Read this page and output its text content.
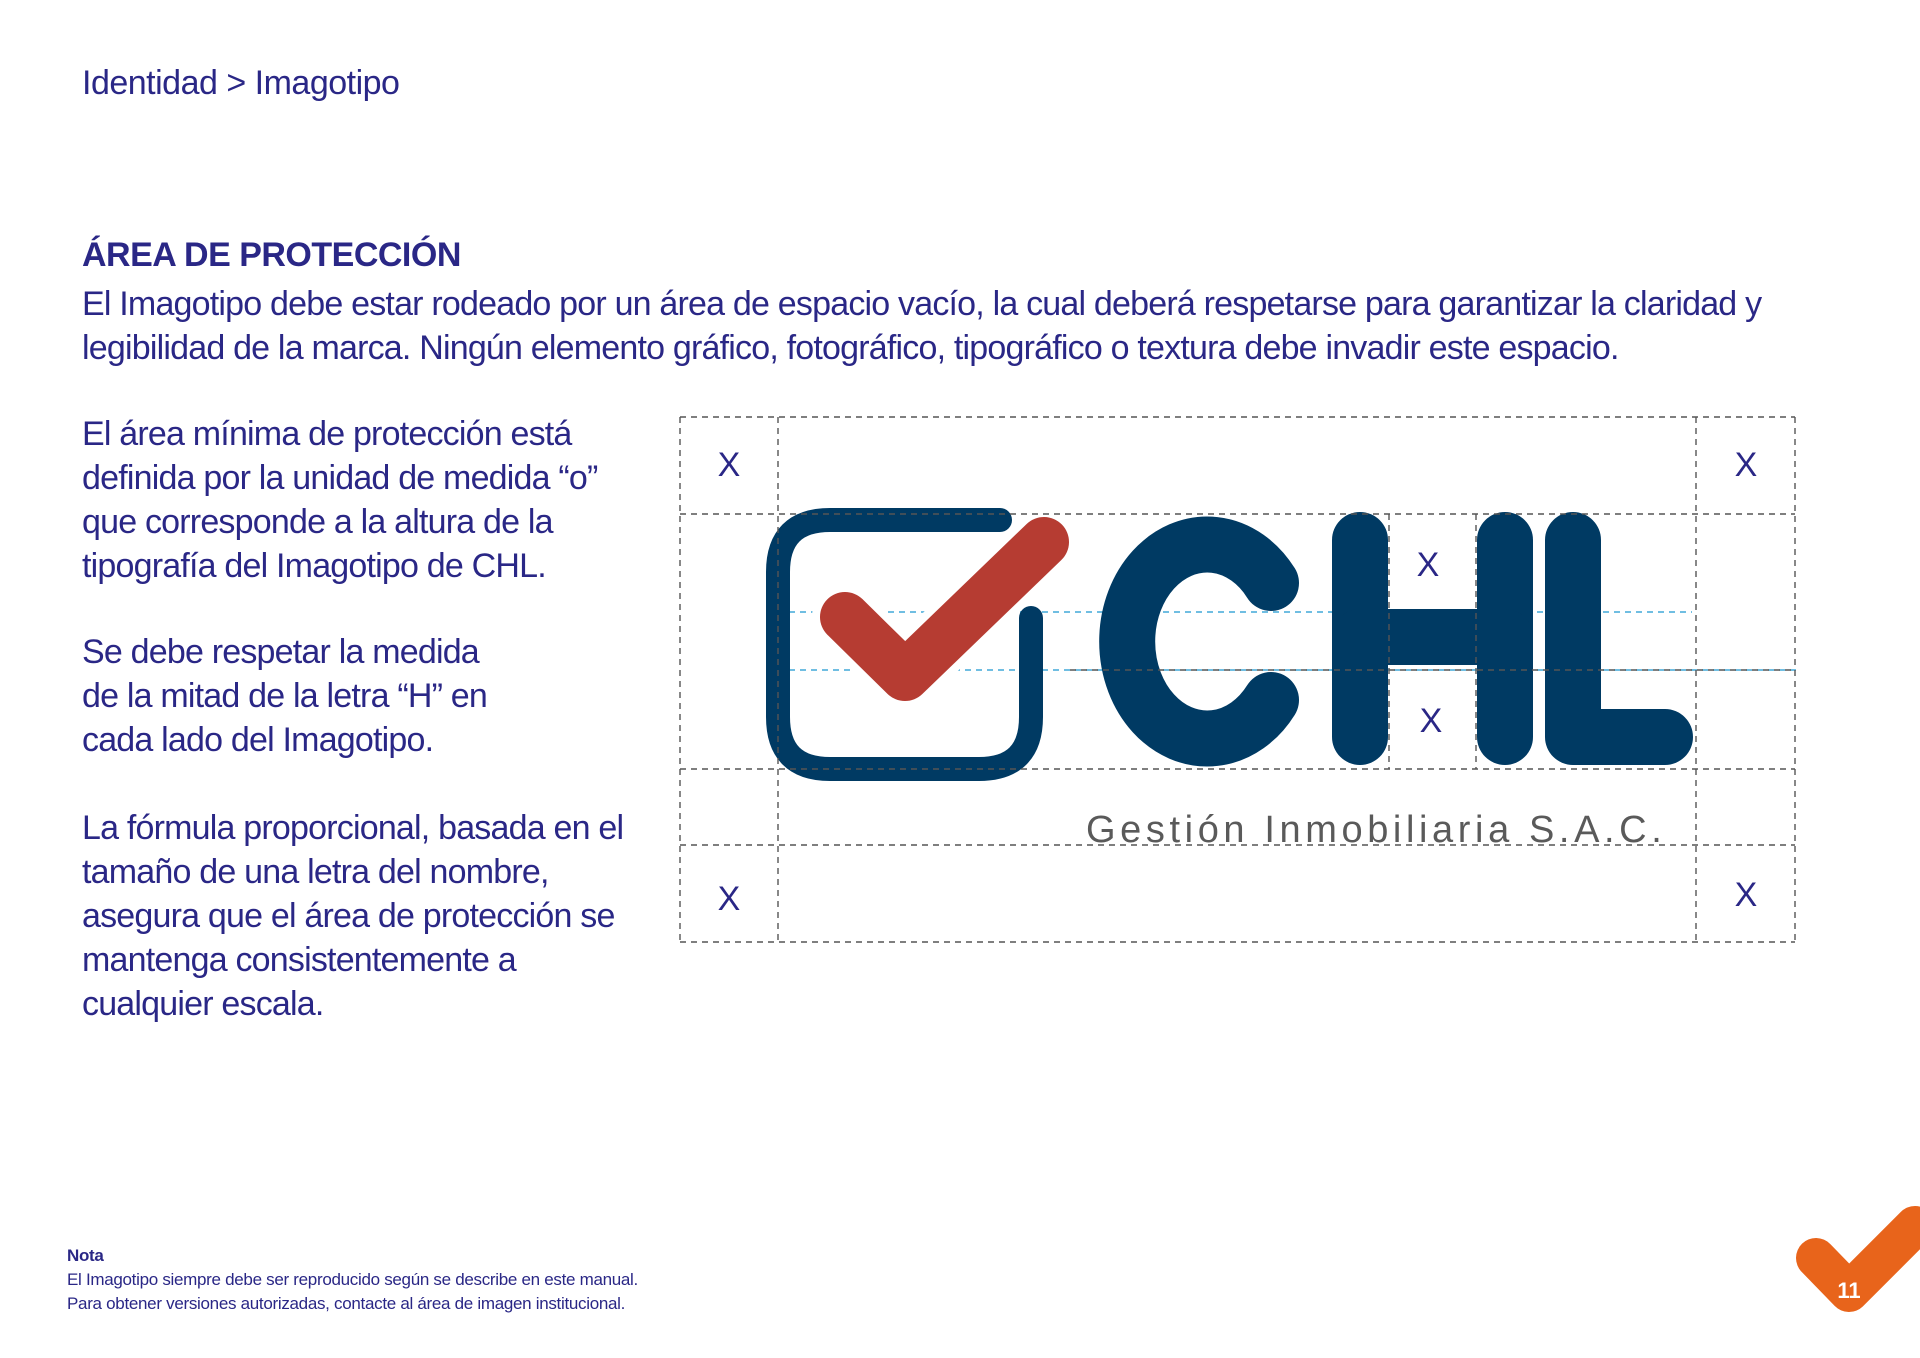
Identidad > Imagotipo
ÁREA DE PROTECCIÓN
El Imagotipo debe estar rodeado por un área de espacio vacío, la cual deberá respetarse para garantizar la claridad y legibilidad de la marca. Ningún elemento gráfico, fotográfico, tipográfico o textura debe invadir este espacio.
El área mínima de protección está definida por la unidad de medida “o” que corresponde a la altura de la tipografía del Imagotipo de CHL.
Se debe respetar la medida de la mitad de la letra “H” en cada lado del Imagotipo.
La fórmula proporcional, basada en el tamaño de una letra del nombre, asegura que el área de protección se mantenga consistentemente a cualquier escala.
Gestión Inmobiliaria S.A.C.
X	X
X
X
X	X
Nota
El Imagotipo siempre debe ser reproducido según se describe en este manual.
Para obtener versiones autorizadas, contacte al área de imagen institucional.
11
